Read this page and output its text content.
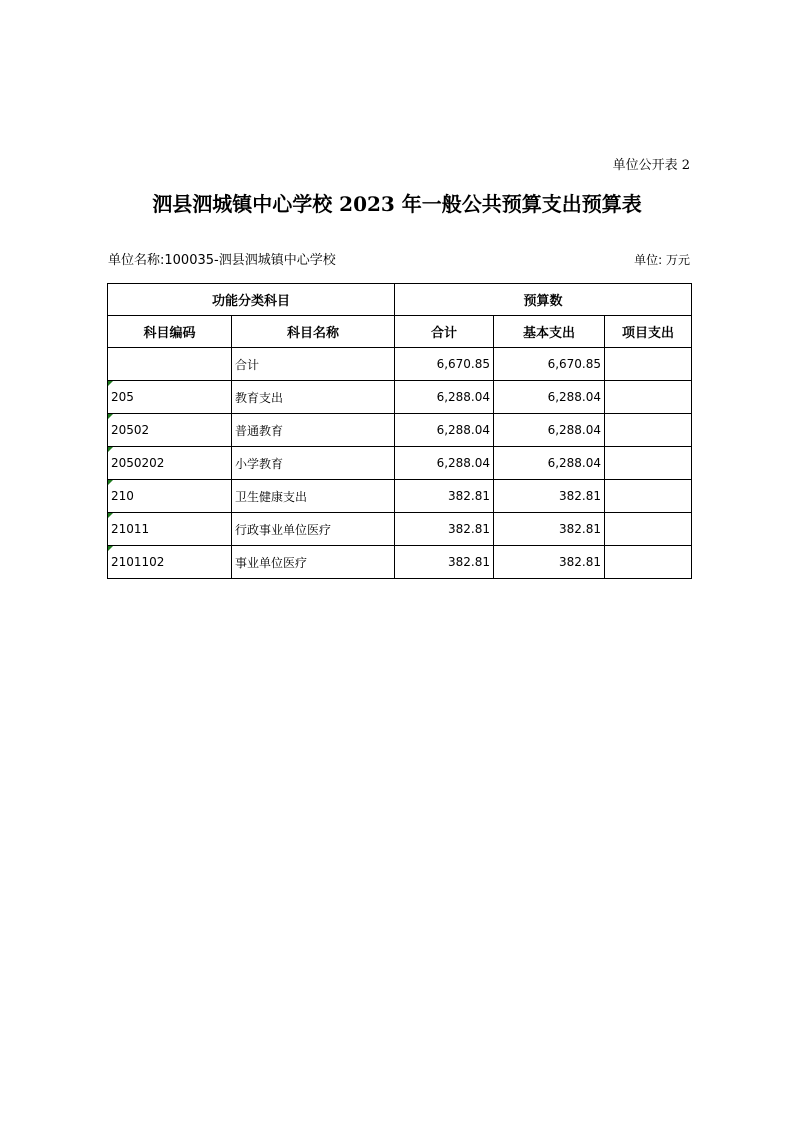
单位公开表 2
泗县泗城镇中心学校 2023 年一般公共预算支出预算表
单位名称:100035-泗县泗城镇中心学校	单位: 万元
功能分类科目		预算数		
科目编码	科目名称	合计	基本支出	项目支出
	合计	6,670.85	6,670.85	
205	教育支出	6,288.04	6,288.04	
20502	普通教育	6,288.04	6,288.04	
2050202	小学教育	6,288.04	6,288.04	
210	卫生健康支出	382.81	382.81	
21011	行政事业单位医疗	382.81	382.81	
2101102	事业单位医疗	382.81	382.81	
